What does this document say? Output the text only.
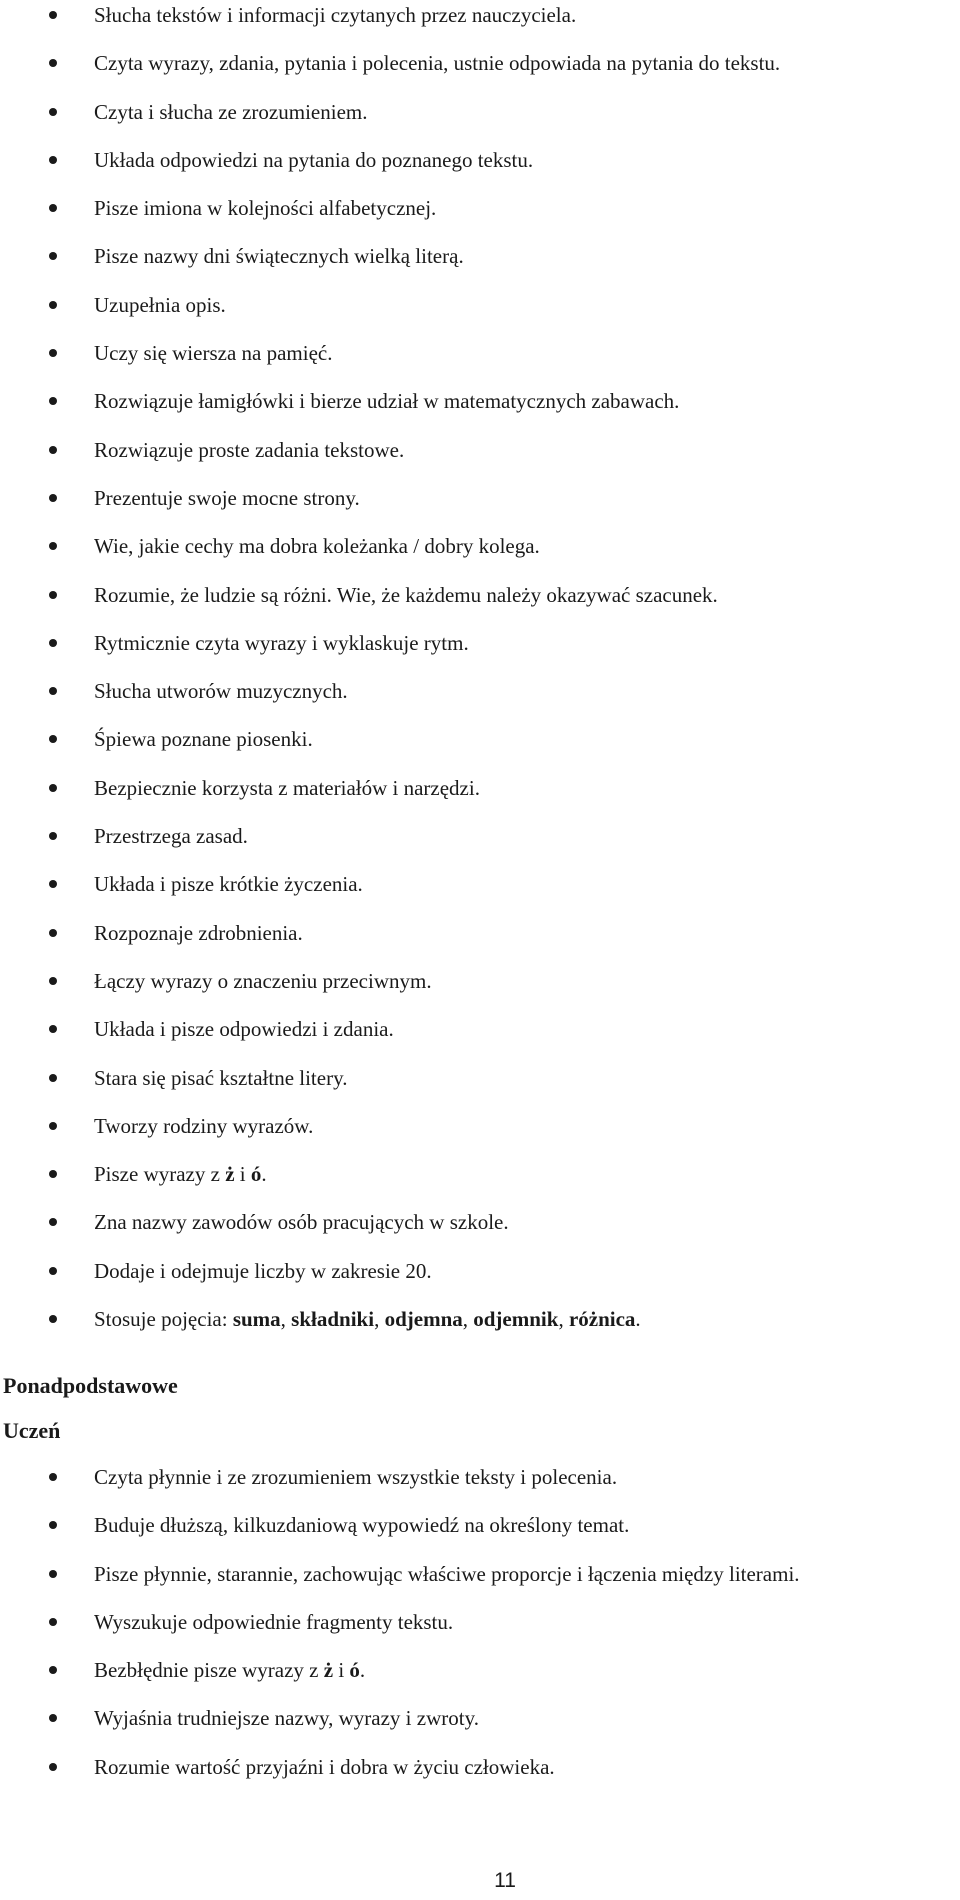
Słucha tekstów i informacji czytanych przez nauczyciela.
Czyta wyrazy, zdania, pytania i polecenia, ustnie odpowiada na pytania do tekstu.
Czyta i słucha ze zrozumieniem.
Układa odpowiedzi na pytania do poznanego tekstu.
Pisze imiona w kolejności alfabetycznej.
Pisze nazwy dni świątecznych wielką literą.
Uzupełnia opis.
Uczy się wiersza na pamięć.
Rozwiązuje łamigłówki i bierze udział w matematycznych zabawach.
Rozwiązuje proste zadania tekstowe.
Prezentuje swoje mocne strony.
Wie, jakie cechy ma dobra koleżanka / dobry kolega.
Rozumie, że ludzie są różni. Wie, że każdemu należy okazywać szacunek.
Rytmicznie czyta wyrazy i wyklaskuje rytm.
Słucha utworów muzycznych.
Śpiewa poznane piosenki.
Bezpiecznie korzysta z materiałów i narzędzi.
Przestrzega zasad.
Układa i pisze krótkie życzenia.
Rozpoznaje zdrobnienia.
Łączy wyrazy o znaczeniu przeciwnym.
Układa i pisze odpowiedzi i zdania.
Stara się pisać kształtne litery.
Tworzy rodziny wyrazów.
Pisze wyrazy z ż i ó.
Zna nazwy zawodów osób pracujących w szkole.
Dodaje i odejmuje liczby w zakresie 20.
Stosuje pojęcia: suma, składniki, odjemna, odjemnik, różnica.
Ponadpodstawowe
Uczeń
Czyta płynnie i ze zrozumieniem wszystkie teksty i polecenia.
Buduje dłuższą, kilkuzdaniową wypowiedź na określony temat.
Pisze płynnie, starannie, zachowując właściwe proporcje i łączenia między literami.
Wyszukuje odpowiednie fragmenty tekstu.
Bezbłędnie pisze wyrazy z ż i ó.
Wyjaśnia trudniejsze nazwy, wyrazy i zwroty.
Rozumie wartość przyjaźni i dobra w życiu człowieka.
11
